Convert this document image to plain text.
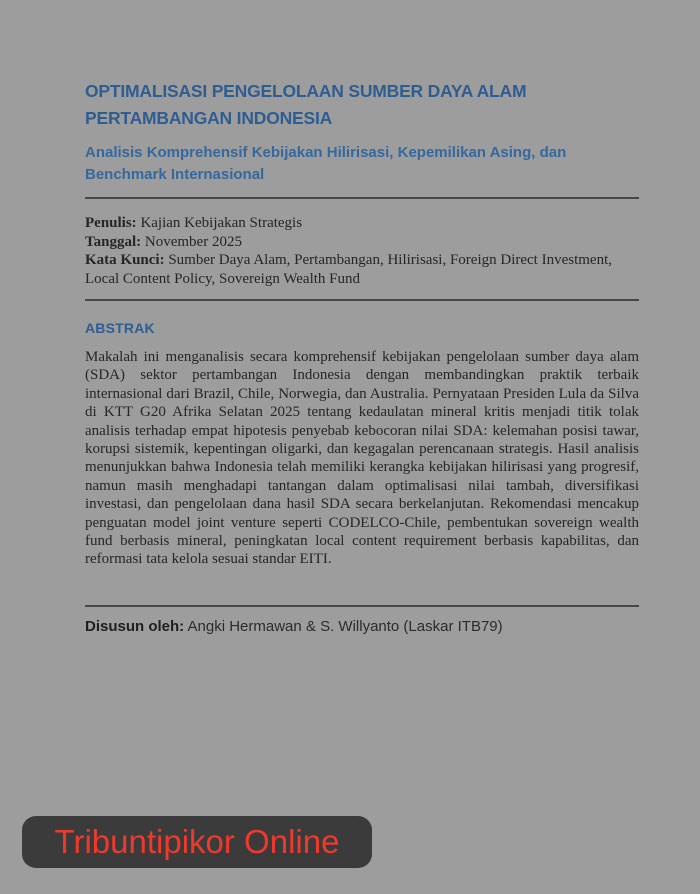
OPTIMALISASI PENGELOLAAN SUMBER DAYA ALAM PERTAMBANGAN INDONESIA
Analisis Komprehensif Kebijakan Hilirisasi, Kepemilikan Asing, dan Benchmark Internasional
Penulis: Kajian Kebijakan Strategis
Tanggal: November 2025
Kata Kunci: Sumber Daya Alam, Pertambangan, Hilirisasi, Foreign Direct Investment, Local Content Policy, Sovereign Wealth Fund
ABSTRAK
Makalah ini menganalisis secara komprehensif kebijakan pengelolaan sumber daya alam (SDA) sektor pertambangan Indonesia dengan membandingkan praktik terbaik internasional dari Brazil, Chile, Norwegia, dan Australia. Pernyataan Presiden Lula da Silva di KTT G20 Afrika Selatan 2025 tentang kedaulatan mineral kritis menjadi titik tolak analisis terhadap empat hipotesis penyebab kebocoran nilai SDA: kelemahan posisi tawar, korupsi sistemik, kepentingan oligarki, dan kegagalan perencanaan strategis. Hasil analisis menunjukkan bahwa Indonesia telah memiliki kerangka kebijakan hilirisasi yang progresif, namun masih menghadapi tantangan dalam optimalisasi nilai tambah, diversifikasi investasi, dan pengelolaan dana hasil SDA secara berkelanjutan. Rekomendasi mencakup penguatan model joint venture seperti CODELCO-Chile, pembentukan sovereign wealth fund berbasis mineral, peningkatan local content requirement berbasis kapabilitas, dan reformasi tata kelola sesuai standar EITI.
Disusun oleh: Angki Hermawan & S. Willyanto (Laskar ITB79)
Tribuntipikor Online
